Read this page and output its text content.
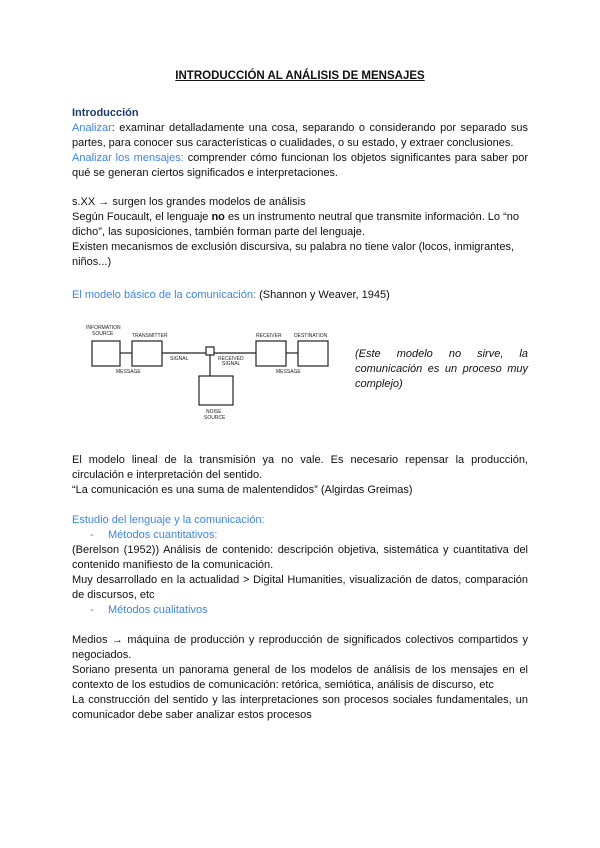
INTRODUCCIÓN AL ANÁLISIS DE MENSAJES
Introducción
Analizar: examinar detalladamente una cosa, separando o considerando por separado sus partes, para conocer sus características o cualidades, o su estado, y extraer conclusiones.
Analizar los mensajes: comprender cómo funcionan los objetos significantes para saber por qué se generan ciertos significados e interpretaciones.
s.XX → surgen los grandes modelos de análisis
Según Foucault, el lenguaje no es un instrumento neutral que transmite información. Lo “no dicho”, las suposiciones, también forman parte del lenguaje.
Existen mecanismos de exclusión discursiva, su palabra no tiene valor (locos, inmigrantes, niños...)
El modelo básico de la comunicación: (Shannon y Weaver, 1945)
INFORMATION
SOURCE	TRANSMITTER
SIGNAL	RECEIVED
SIGNAL
RECEIVER DESTINATION
MESSAGE	MESSAGE
NOISE
SOURCE
(Este modelo no sirve, la comunicación es un proceso muy complejo)
El modelo lineal de la transmisión ya no vale. Es necesario repensar la producción, circulación e interpretación del sentido.
“La comunicación es una suma de malentendidos” (Algirdas Greimas)
Estudio del lenguaje y la comunicación:
- Métodos cuantitativos:
(Berelson (1952)) Análisis de contenido: descripción objetiva, sistemática y cuantitativa del contenido manifiesto de la comunicación.
Muy desarrollado en la actualidad > Digital Humanities, visualización de datos, comparación de discursos, etc
- Métodos cualitativos
Medios → máquina de producción y reproducción de significados colectivos compartidos y negociados.
Soriano presenta un panorama general de los modelos de análisis de los mensajes en el contexto de los estudios de comunicación: retórica, semiótica, análisis de discurso, etc
La construcción del sentido y las interpretaciones son procesos sociales fundamentales, un comunicador debe saber analizar estos procesos
